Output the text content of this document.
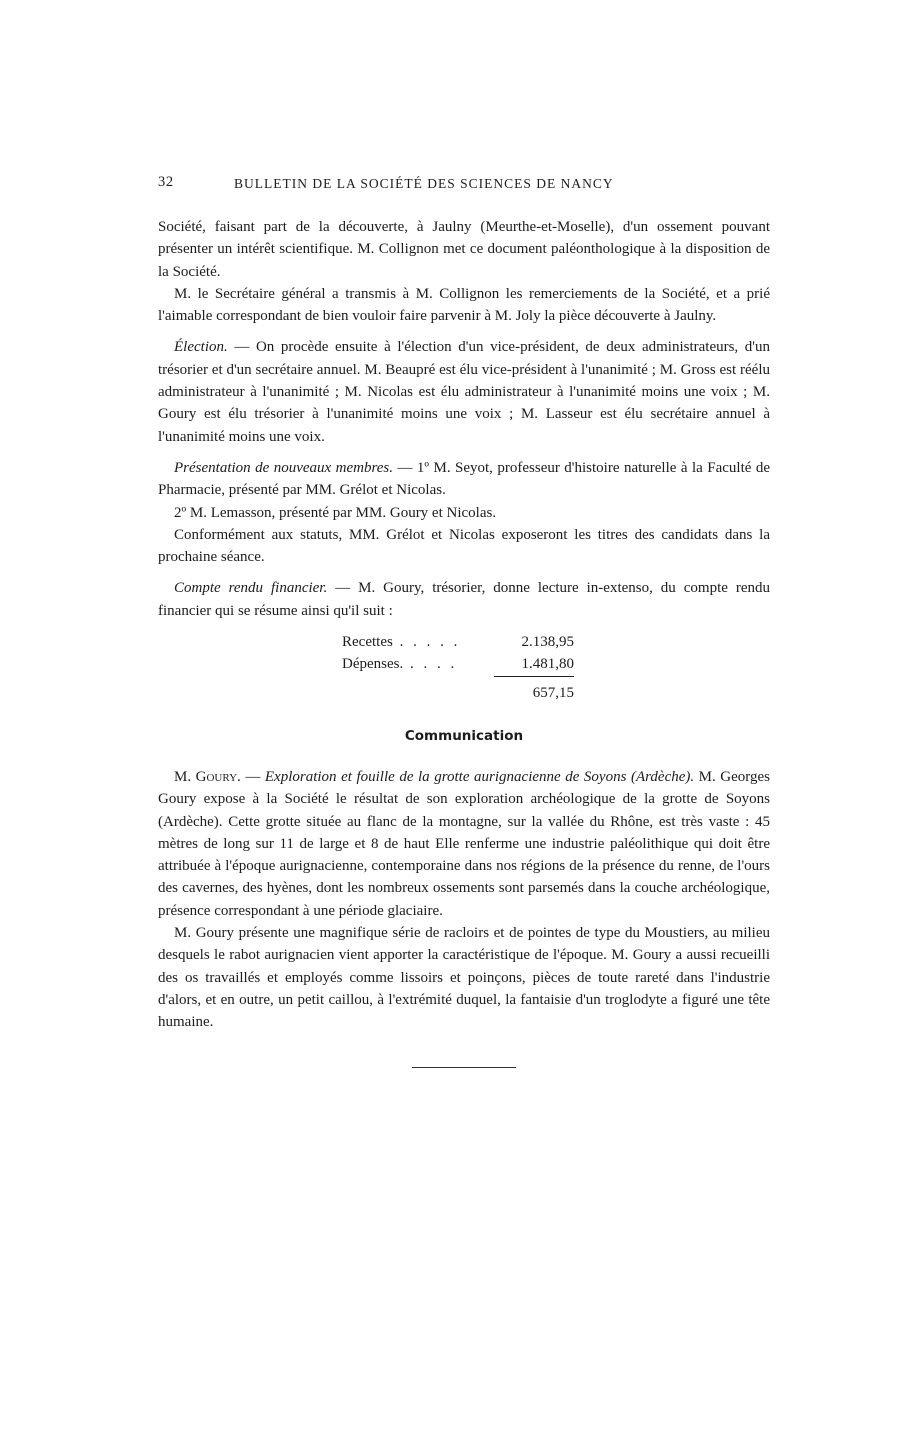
32	BULLETIN DE LA SOCIÉTÉ DES SCIENCES DE NANCY

Société, faisant part de la découverte, à Jaulny (Meurthe-et-Moselle), d'un ossement pouvant présenter un intérêt scientifique. M. Collignon met ce document paléonthologique à la disposition de la Société.

M. le Secrétaire général a transmis à M. Collignon les remerciements de la Société, et a prié l'aimable correspondant de bien vouloir faire parvenir à M. Joly la pièce découverte à Jaulny.

Élection. — On procède ensuite à l'élection d'un vice-président, de deux administrateurs, d'un trésorier et d'un secrétaire annuel. M. Beaupré est élu vice-président à l'unanimité ; M. Gross est réélu administrateur à l'unanimité ; M. Nicolas est élu administrateur à l'unanimité moins une voix ; M. Goury est élu trésorier à l'unanimité moins une voix ; M. Lasseur est élu secrétaire annuel à l'unanimité moins une voix.

Présentation de nouveaux membres. — 1º M. Seyot, professeur d'histoire naturelle à la Faculté de Pharmacie, présenté par MM. Grélot et Nicolas.

2º M. Lemasson, présenté par MM. Goury et Nicolas.

Conformément aux statuts, MM. Grélot et Nicolas exposeront les titres des candidats dans la prochaine séance.

Compte rendu financier. — M. Goury, trésorier, donne lecture in-extenso, du compte rendu financier qui se résume ainsi qu'il suit :

Recettes . . . . .	2.138,95
Dépenses. . . . .	1.481,80
657,15
Communication

M. Goury. — Exploration et fouille de la grotte aurignacienne de Soyons (Ardèche). M. Georges Goury expose à la Société le résultat de son exploration archéologique de la grotte de Soyons (Ardèche). Cette grotte située au flanc de la montagne, sur la vallée du Rhône, est très vaste : 45 mètres de long sur 11 de large et 8 de haut Elle renferme une industrie paléolithique qui doit être attribuée à l'époque aurignacienne, contemporaine dans nos régions de la présence du renne, de l'ours des cavernes, des hyènes, dont les nombreux ossements sont parsemés dans la couche archéologique, présence correspondant à une période glaciaire.

M. Goury présente une magnifique série de racloirs et de pointes de type du Moustiers, au milieu desquels le rabot aurignacien vient apporter la caractéristique de l'époque. M. Goury a aussi recueilli des os travaillés et employés comme lissoirs et poinçons, pièces de toute rareté dans l'industrie d'alors, et en outre, un petit caillou, à l'extrémité duquel, la fantaisie d'un troglodyte a figuré une tête humaine.
